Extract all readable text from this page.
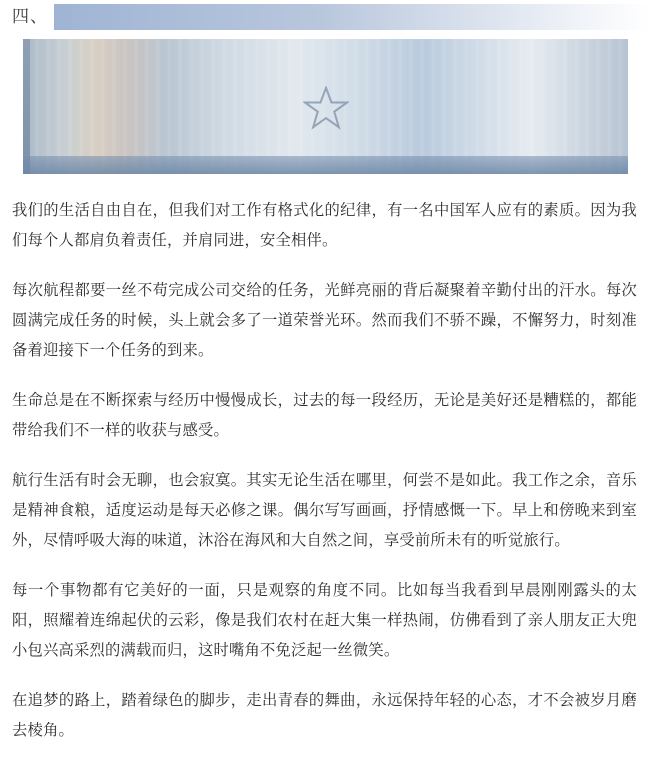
四、

我们的生活自由自在，但我们对工作有格式化的纪律，有一名中国军人应有的素质。因为我们每个人都肩负着责任，并肩同进，安全相伴。

每次航程都要一丝不苟完成公司交给的任务，光鲜亮丽的背后凝聚着辛勤付出的汗水。每次圆满完成任务的时候，头上就会多了一道荣誉光环。然而我们不骄不躁，不懈努力，时刻准备着迎接下一个任务的到来。

生命总是在不断探索与经历中慢慢成长，过去的每一段经历，无论是美好还是糟糕的，都能带给我们不一样的收获与感受。

航行生活有时会无聊，也会寂寞。其实无论生活在哪里，何尝不是如此。我工作之余，音乐是精神食粮，适度运动是每天必修之课。偶尔写写画画，抒情感慨一下。早上和傍晚来到室外，尽情呼吸大海的味道，沐浴在海风和大自然之间，享受前所未有的听觉旅行。

每一个事物都有它美好的一面，只是观察的角度不同。比如每当我看到早晨刚刚露头的太阳，照耀着连绵起伏的云彩，像是我们农村在赶大集一样热闹，仿佛看到了亲人朋友正大兜小包兴高采烈的满载而归，这时嘴角不免泛起一丝微笑。

在追梦的路上，踏着绿色的脚步，走出青春的舞曲，永远保持年轻的心态，才不会被岁月磨去棱角。
